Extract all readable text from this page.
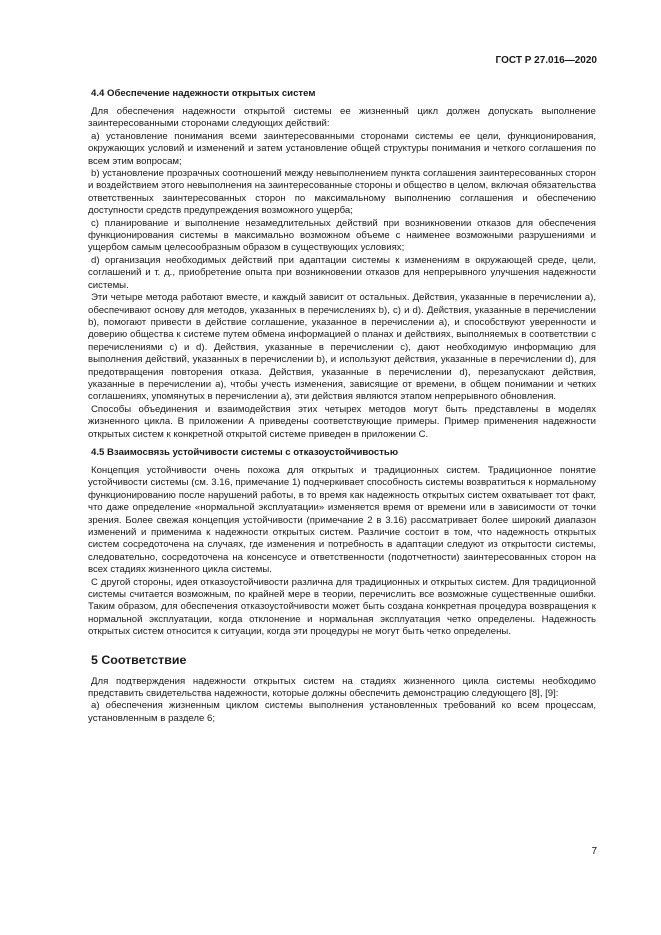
ГОСТ Р 27.016—2020
4.4 Обеспечение надежности открытых систем

Для обеспечения надежности открытой системы ее жизненный цикл должен допускать выполнение заинтересованными сторонами следующих действий:

а) установление понимания всеми заинтересованными сторонами системы ее цели, функционирования, окружающих условий и изменений и затем установление общей структуры понимания и четкого соглашения по всем этим вопросам;

b) установление прозрачных соотношений между невыполнением пункта соглашения заинтересованных сторон и воздействием этого невыполнения на заинтересованные стороны и общество в целом, включая обязательства ответственных заинтересованных сторон по максимальному выполнению соглашения и обеспечению доступности средств предупреждения возможного ущерба;

с) планирование и выполнение незамедлительных действий при возникновении отказов для обеспечения функционирования системы в максимально возможном объеме с наименее возможными разрушениями и ущербом самым целесообразным образом в существующих условиях;

d) организация необходимых действий при адаптации системы к изменениям в окружающей среде, цели, соглашений и т. д., приобретение опыта при возникновении отказов для непрерывного улучшения надежности системы.

Эти четыре метода работают вместе, и каждый зависит от остальных. Действия, указанные в перечислении а), обеспечивают основу для методов, указанных в перечислениях b), с) и d). Действия, указанные в перечислении b), помогают привести в действие соглашение, указанное в перечислении а), и способствуют уверенности и доверию общества к системе путем обмена информацией о планах и действиях, выполняемых в соответствии с перечислениями с) и d). Действия, указанные в перечислении с), дают необходимую информацию для выполнения действий, указанных в перечислении b), и используют действия, указанные в перечислении d), для предотвращения повторения отказа. Действия, указанные в перечислении d), перезапускают действия, указанные в перечислении а), чтобы учесть изменения, зависящие от времени, в общем понимании и четких соглашениях, упомянутых в перечислении а), эти действия являются этапом непрерывного обновления.

Способы объединения и взаимодействия этих четырех методов могут быть представлены в моделях жизненного цикла. В приложении А приведены соответствующие примеры. Пример применения надежности открытых систем к конкретной открытой системе приведен в приложении С.

4.5 Взаимосвязь устойчивости системы с отказоустойчивостью

Концепция устойчивости очень похожа для открытых и традиционных систем. Традиционное понятие устойчивости системы (см. 3.16, примечание 1) подчеркивает способность системы возвратиться к нормальному функционированию после нарушений работы, в то время как надежность открытых систем охватывает тот факт, что даже определение «нормальной эксплуатации» изменяется время от времени или в зависимости от точки зрения. Более свежая концепция устойчивости (примечание 2 в 3.16) рассматривает более широкий диапазон изменений и применима к надежности открытых систем. Различие состоит в том, что надежность открытых систем сосредоточена на случаях, где изменения и потребность в адаптации следуют из открытости системы, следовательно, сосредоточена на консенсусе и ответственности (подотчетности) заинтересованных сторон на всех стадиях жизненного цикла системы.

С другой стороны, идея отказоустойчивости различна для традиционных и открытых систем. Для традиционной системы считается возможным, по крайней мере в теории, перечислить все возможные существенные ошибки. Таким образом, для обеспечения отказоустойчивости может быть создана конкретная процедура возвращения к нормальной эксплуатации, когда отклонение и нормальная эксплуатация четко определены. Надежность открытых систем относится к ситуации, когда эти процедуры не могут быть четко определены.

5 Соответствие

Для подтверждения надежности открытых систем на стадиях жизненного цикла системы необходимо представить свидетельства надежности, которые должны обеспечить демонстрацию следующего [8], [9]:

а) обеспечения жизненным циклом системы выполнения установленных требований ко всем процессам, установленным в разделе 6;

7
